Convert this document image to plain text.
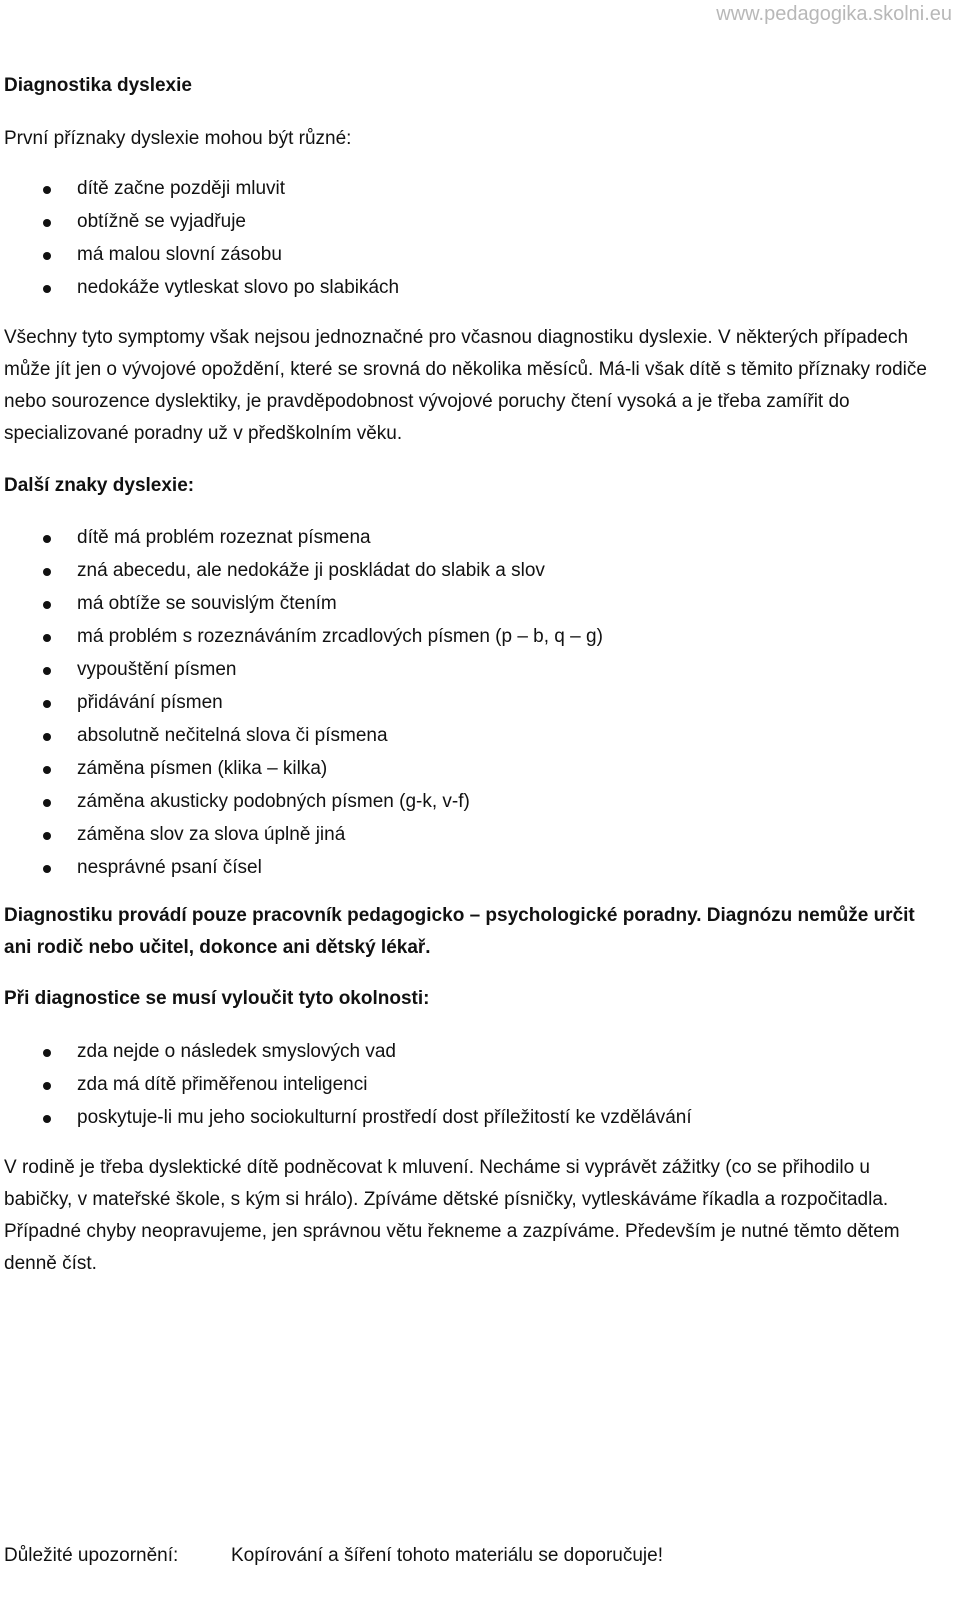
www.pedagogika.skolni.eu

Diagnostika dyslexie

První příznaky dyslexie mohou být různé:

dítě začne později mluvit
obtížně se vyjadřuje
má malou slovní zásobu
nedokáže vytleskat slovo po slabikách

Všechny tyto symptomy však nejsou jednoznačné pro včasnou diagnostiku dyslexie. V některých případech může jít jen o vývojové opoždění, které se srovná do několika měsíců. Má-li však dítě s těmito příznaky rodiče nebo sourozence dyslektiky, je pravděpodobnost vývojové poruchy čtení vysoká a je třeba zamířit do specializované poradny už v předškolním věku.

Další znaky dyslexie:

dítě má problém rozeznat písmena
zná abecedu, ale nedokáže ji poskládat do slabik a slov
má obtíže se souvislým čtením
má problém s rozeznáváním zrcadlových písmen (p – b, q – g)
vypouštění písmen
přidávání písmen
absolutně nečitelná slova či písmena
záměna písmen (klika – kilka)
záměna akusticky podobných písmen (g-k, v-f)
záměna slov za slova úplně jiná
nesprávné psaní čísel

Diagnostiku provádí pouze pracovník pedagogicko – psychologické poradny. Diagnózu nemůže určit ani rodič nebo učitel, dokonce ani dětský lékař.

Při diagnostice se musí vyloučit tyto okolnosti:

zda nejde o následek smyslových vad
zda má dítě přiměřenou inteligenci
poskytuje-li mu jeho sociokulturní prostředí dost příležitostí ke vzdělávání

V rodině je třeba dyslektické dítě podněcovat k mluvení. Necháme si vyprávět zážitky (co se přihodilo u babičky, v mateřské škole, s kým si hrálo). Zpíváme dětské písničky, vytleskáváme říkadla a rozpočitadla. Případné chyby neopravujeme, jen správnou větu řekneme a zazpíváme. Především je nutné těmto dětem denně číst.

Důležité upozornění:	Kopírování a šíření tohoto materiálu se doporučuje!
